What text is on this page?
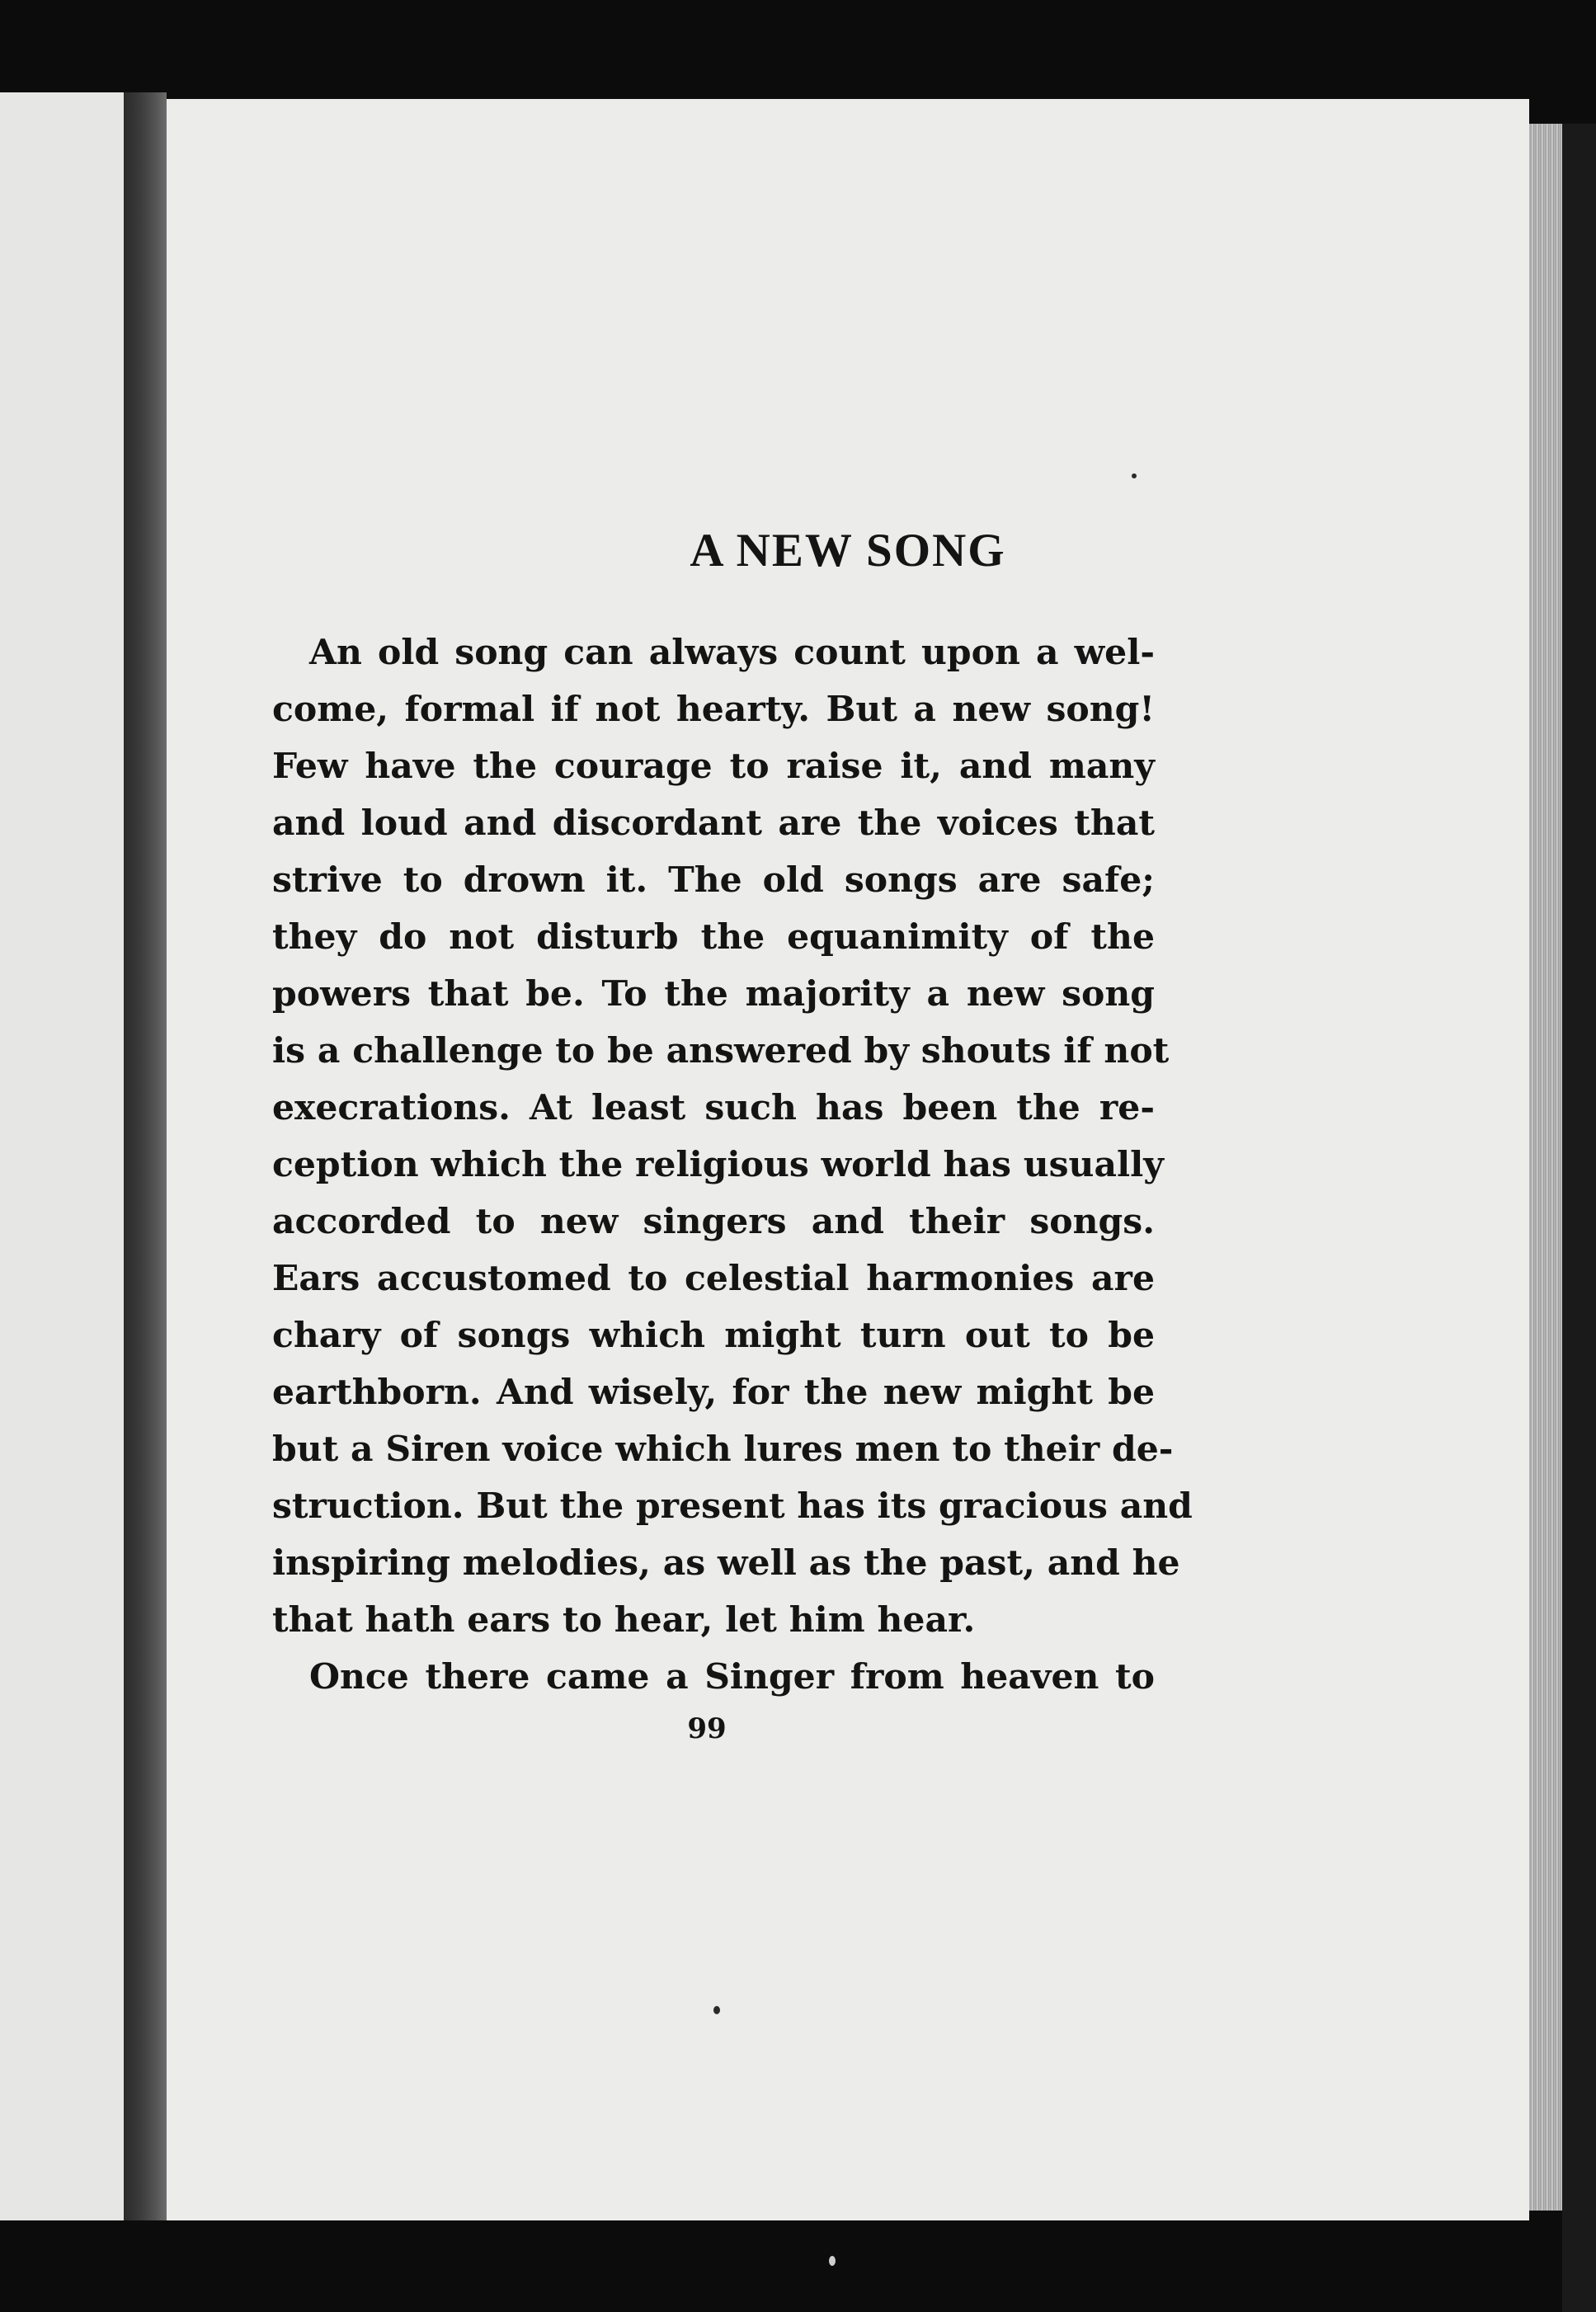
A NEW SONG
An old song can always count upon a wel-
come, formal if not hearty. But a new song!
Few have the courage to raise it, and many
and loud and discordant are the voices that
strive to drown it. The old songs are safe;
they do not disturb the equanimity of the
powers that be. To the majority a new song
is a challenge to be answered by shouts if not
execrations. At least such has been the re-
ception which the religious world has usually
accorded to new singers and their songs.
Ears accustomed to celestial harmonies are
chary of songs which might turn out to be
earthborn. And wisely, for the new might be
but a Siren voice which lures men to their de-
struction. But the present has its gracious and
inspiring melodies, as well as the past, and he
that hath ears to hear, let him hear.
Once there came a Singer from heaven to

99
